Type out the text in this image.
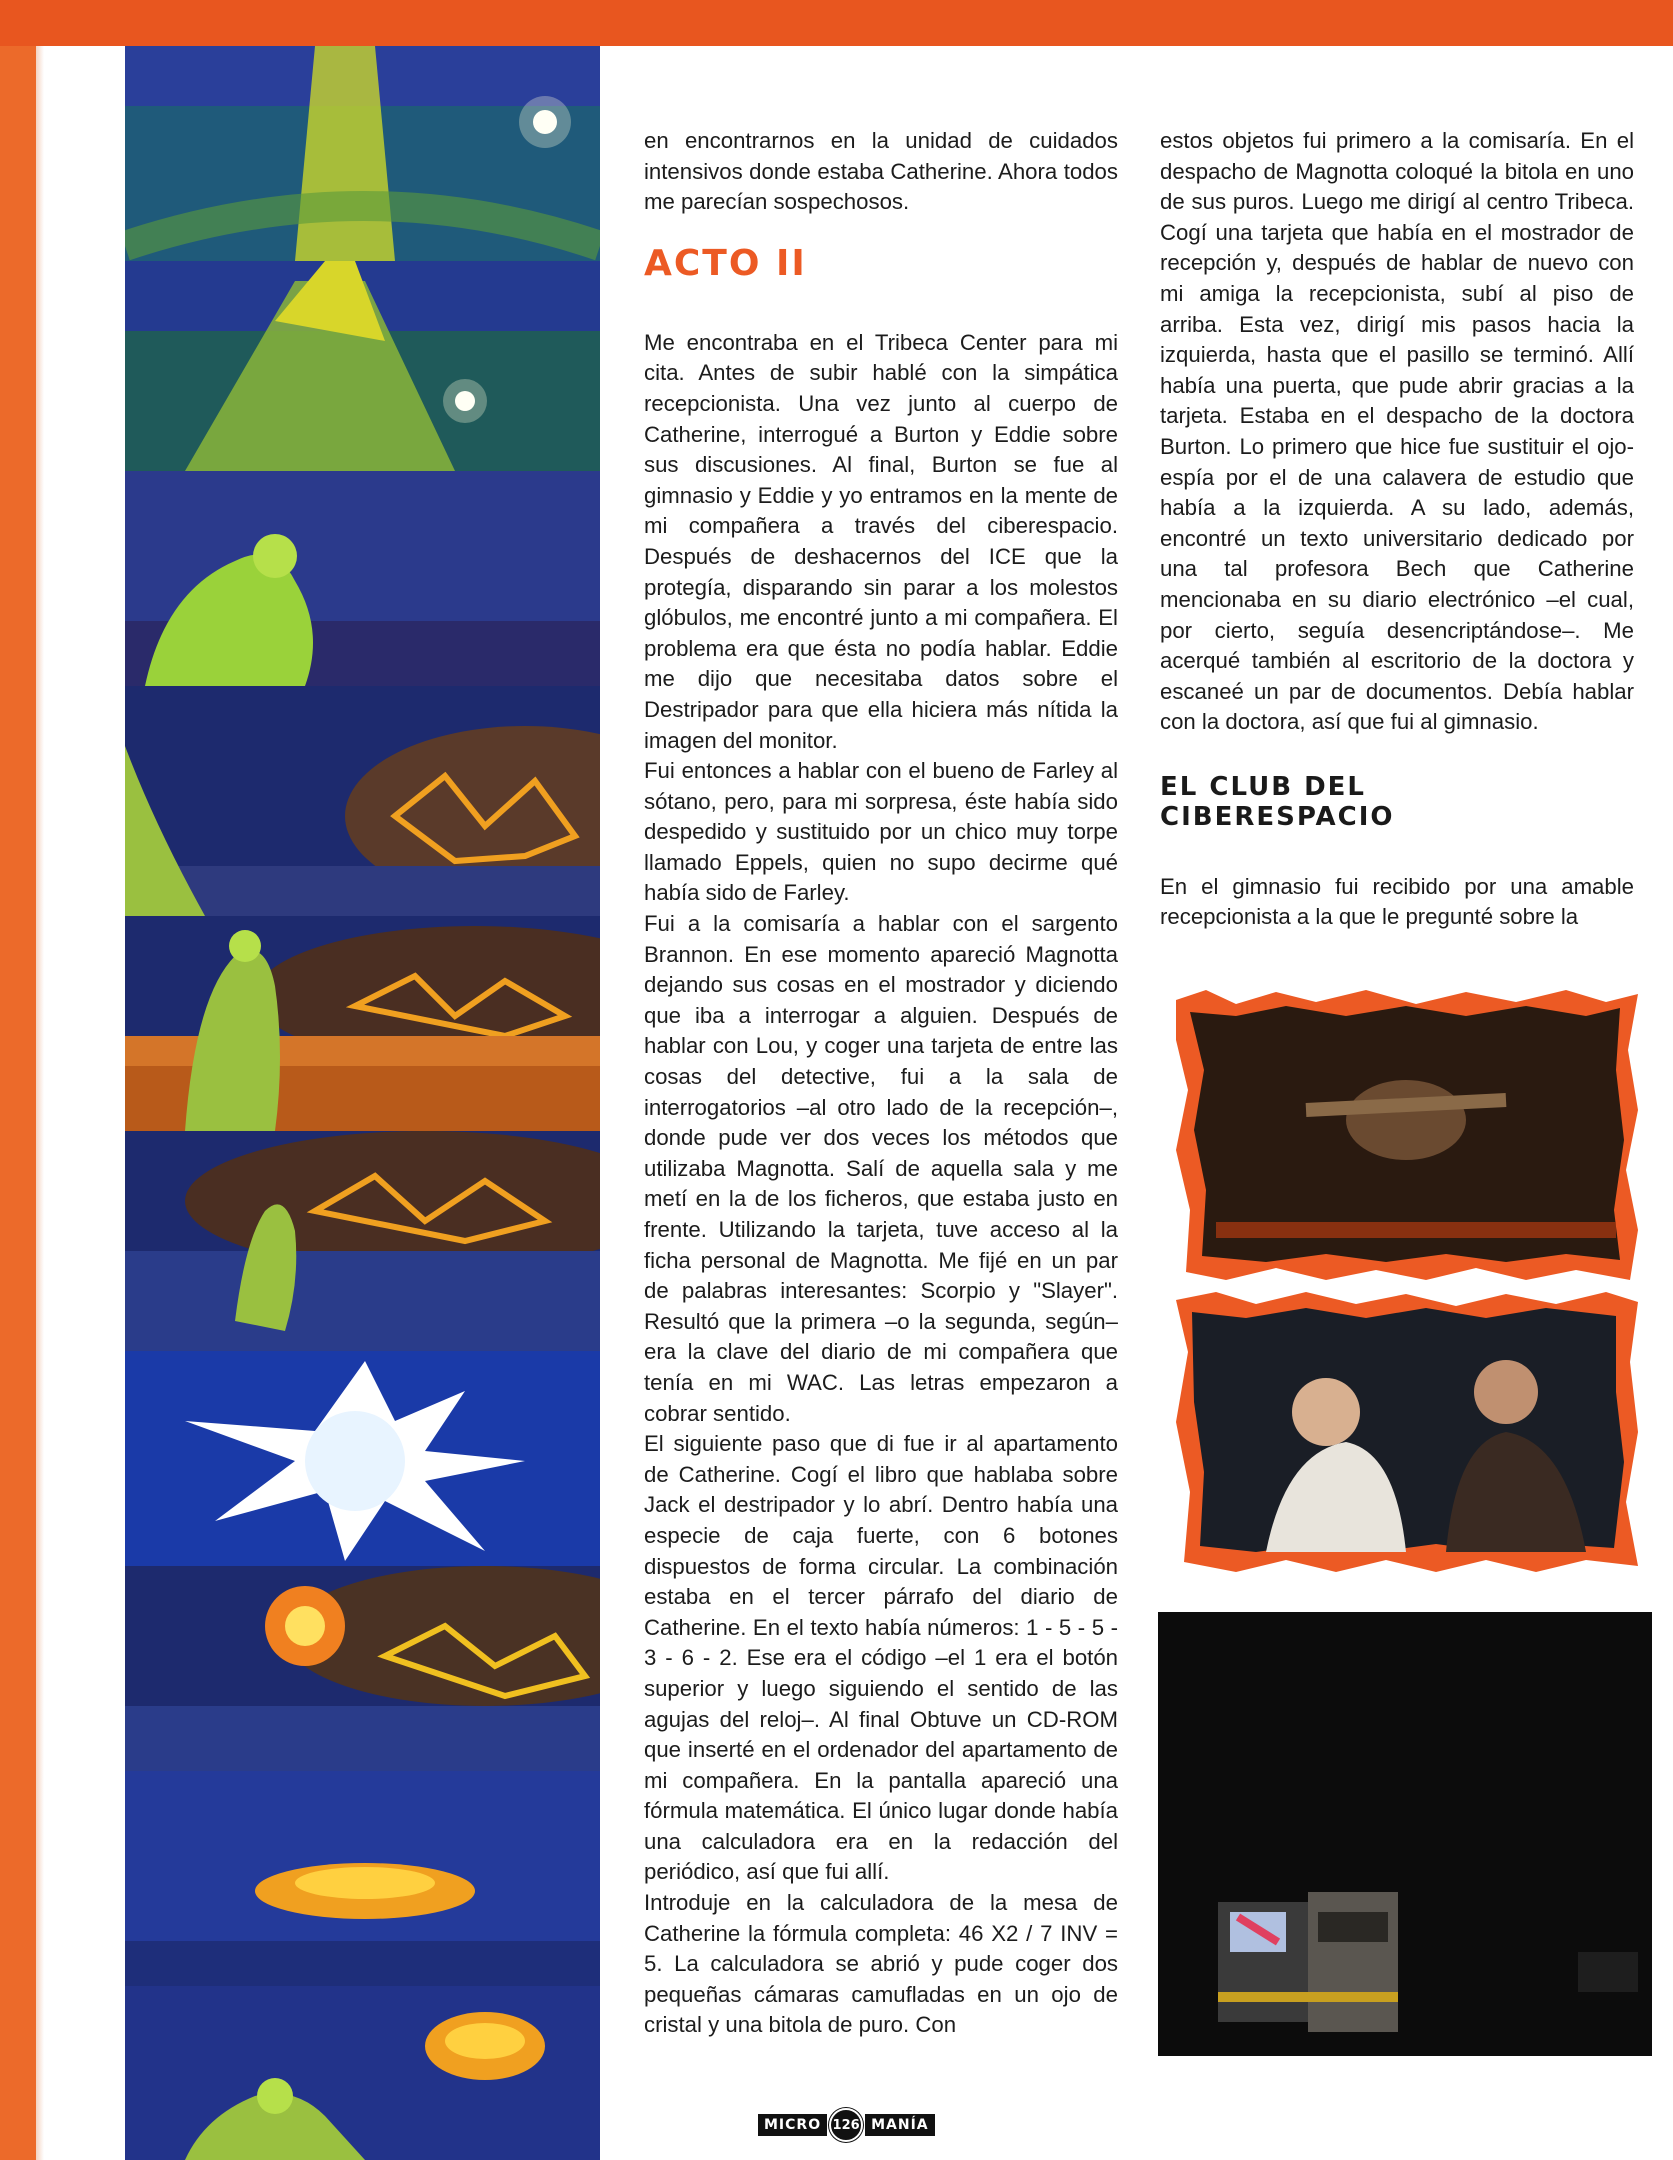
en encontrarnos en la unidad de cuidados intensivos donde estaba Catherine. Ahora todos me parecían sospechosos.

ACTO II

Me encontraba en el Tribeca Center para mi cita. Antes de subir hablé con la simpática recepcionista. Una vez junto al cuerpo de Catherine, interrogué a Burton y Eddie sobre sus discusiones. Al final, Burton se fue al gimnasio y Eddie y yo entramos en la mente de mi compañera a través del ciberespacio. Después de deshacernos del ICE que la protegía, disparando sin parar a los molestos glóbulos, me encontré junto a mi compañera. El problema era que ésta no podía hablar. Eddie me dijo que necesitaba datos sobre el Destripador para que ella hiciera más nítida la imagen del monitor.

Fui entonces a hablar con el bueno de Farley al sótano, pero, para mi sorpresa, éste había sido despedido y sustituido por un chico muy torpe llamado Eppels, quien no supo decirme qué había sido de Farley.

Fui a la comisaría a hablar con el sargento Brannon. En ese momento apareció Magnotta dejando sus cosas en el mostrador y diciendo que iba a interrogar a alguien. Después de hablar con Lou, y coger una tarjeta de entre las cosas del detective, fui a la sala de interrogatorios –al otro lado de la recepción–, donde pude ver dos veces los métodos que utilizaba Magnotta. Salí de aquella sala y me metí en la de los ficheros, que estaba justo en frente. Utilizando la tarjeta, tuve acceso al la ficha personal de Magnotta. Me fijé en un par de palabras interesantes: Scorpio y "Slayer". Resultó que la primera –o la segunda, según–era la clave del diario de mi compañera que tenía en mi WAC. Las letras empezaron a cobrar sentido.

El siguiente paso que di fue ir al apartamento de Catherine. Cogí el libro que hablaba sobre Jack el destripador y lo abrí. Dentro había una especie de caja fuerte, con 6 botones dispuestos de forma circular. La combinación estaba en el tercer párrafo del diario de Catherine. En el texto había números: 1 - 5 - 5 - 3 - 6 - 2. Ese era el código –el 1 era el botón superior y luego siguiendo el sentido de las agujas del reloj–. Al final Obtuve un CD-ROM que inserté en el ordenador del apartamento de mi compañera. En la pantalla apareció una fórmula matemática. El único lugar donde había una calculadora era en la redacción del periódico, así que fui allí.

Introduje en la calculadora de la mesa de Catherine la fórmula completa: 46 X2 / 7 INV = 5. La calculadora se abrió y pude coger dos pequeñas cámaras camufladas en un ojo de cristal y una bitola de puro. Con

estos objetos fui primero a la comisaría. En el despacho de Magnotta coloqué la bitola en uno de sus puros. Luego me dirigí al centro Tribeca. Cogí una tarjeta que había en el mostrador de recepción y, después de hablar de nuevo con mi amiga la recepcionista, subí al piso de arriba. Esta vez, dirigí mis pasos hacia la izquierda, hasta que el pasillo se terminó. Allí había una puerta, que pude abrir gracias a la tarjeta. Estaba en el despacho de la doctora Burton. Lo primero que hice fue sustituir el ojo-espía por el de una calavera de estudio que había a la izquierda. A su lado, además, encontré un texto universitario dedicado por una tal profesora Bech que Catherine mencionaba en su diario electrónico –el cual, por cierto, seguía desencriptándose–. Me acerqué también al escritorio de la doctora y escaneé un par de documentos. Debía hablar con la doctora, así que fui al gimnasio.

EL CLUB DEL
CIBERESPACIO

En el gimnasio fui recibido por una amable recepcionista a la que le pregunté sobre la

MICRO 126 MANÍA
